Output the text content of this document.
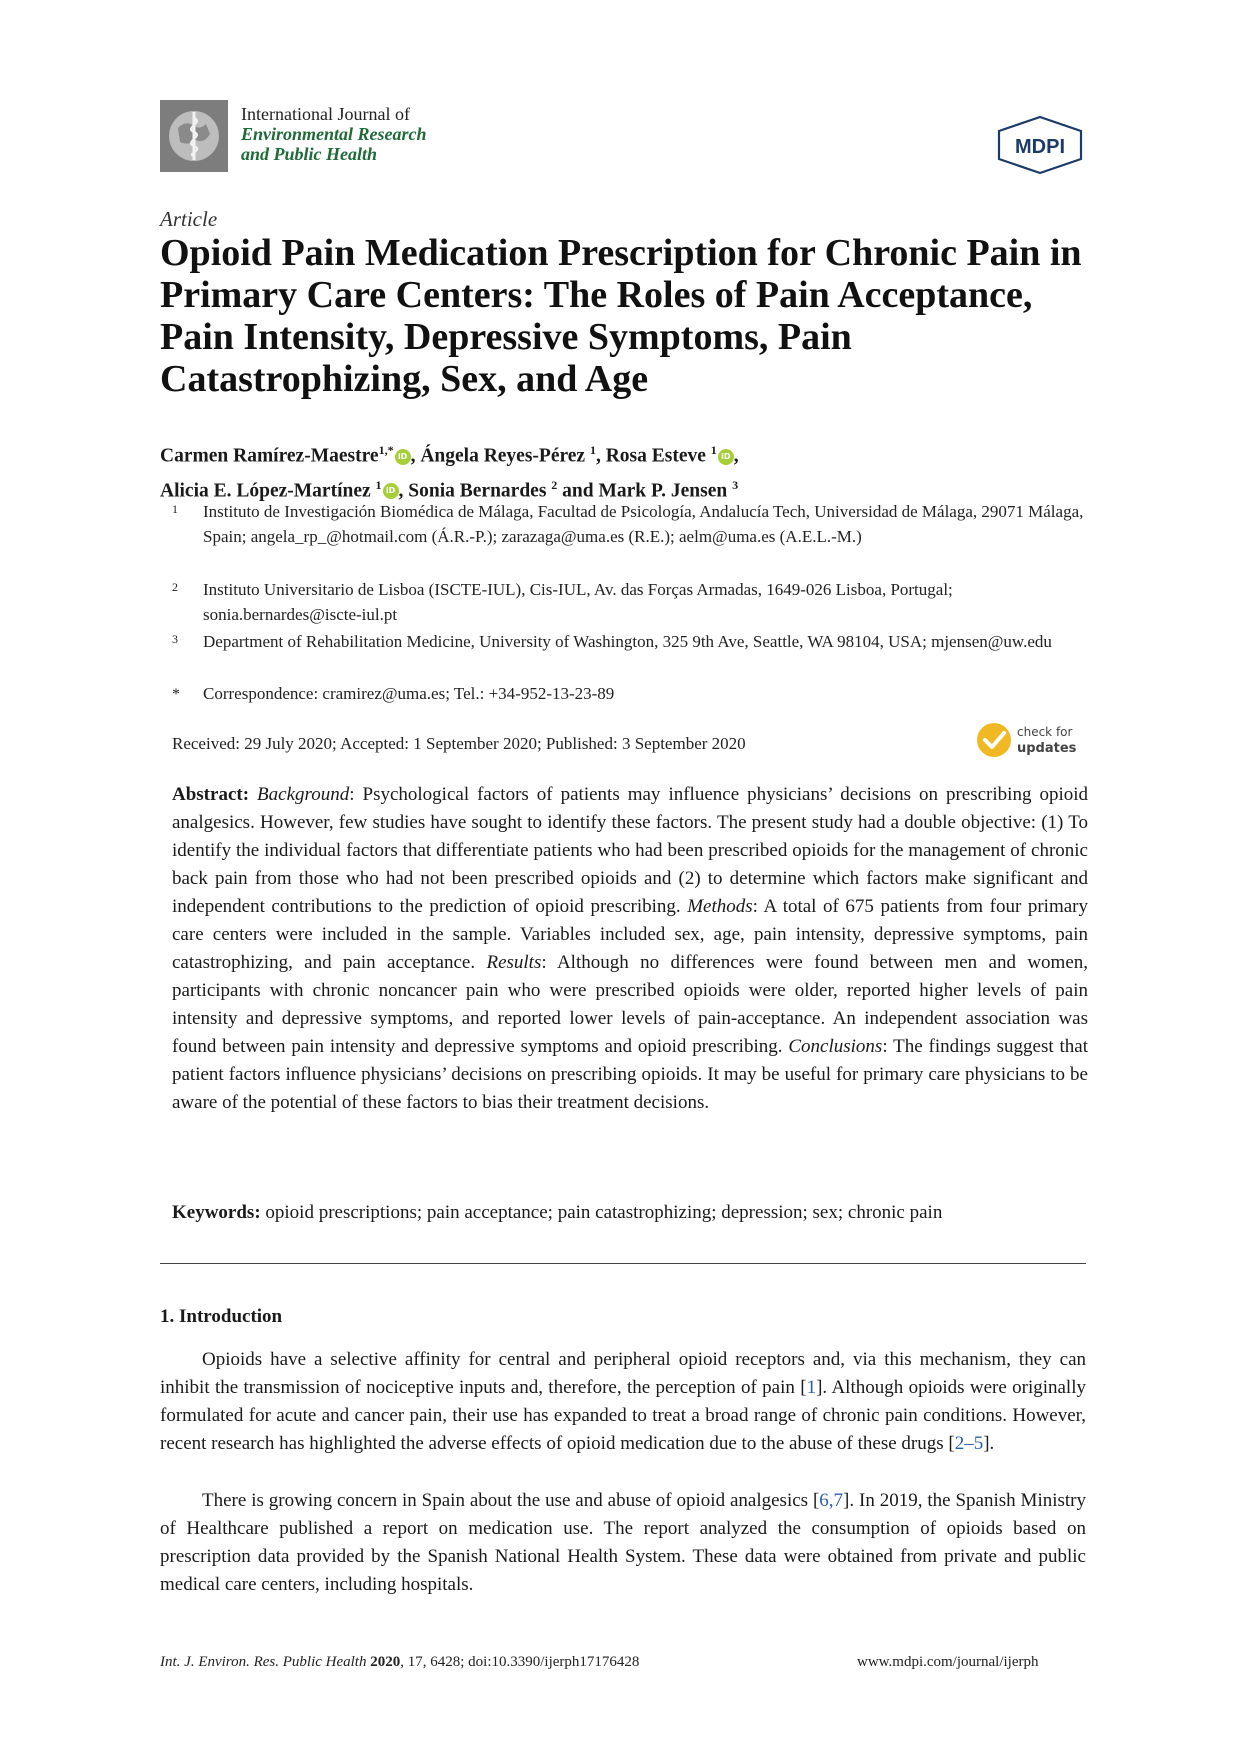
International Journal of
Environmental Research
and Public Health	MDPI
Article
Opioid Pain Medication Prescription for Chronic Pain in Primary Care Centers: The Roles of Pain Acceptance, Pain Intensity, Depressive Symptoms, Pain Catastrophizing, Sex, and Age
Carmen Ramírez-Maestre$^{1,*}$ iD , Ángela Reyes-Pérez $^1$, Rosa Esteve $^1$ iD ,
Alicia E. López-Martínez $^1$ iD , Sonia Bernardes $^2$ and Mark P. Jensen $^3$
1 Instituto de Investigación Biomédica de Málaga, Facultad de Psicología, Andalucía Tech, Universidad de Málaga, 29071 Málaga, Spain; angela_rp_@hotmail.com (Á.R.-P.); zarazaga@uma.es (R.E.); aelm@uma.es (A.E.L.-M.)
2 Instituto Universitario de Lisboa (ISCTE-IUL), Cis-IUL, Av. das Forças Armadas, 1649-026 Lisboa, Portugal; sonia.bernardes@iscte-iul.pt
3 Department of Rehabilitation Medicine, University of Washington, 325 9th Ave, Seattle, WA 98104, USA; mjensen@uw.edu
* Correspondence: cramirez@uma.es; Tel.: +34-952-13-23-89
Received: 29 July 2020; Accepted: 1 September 2020; Published: 3 September 2020
check for
updates
Abstract: Background: Psychological factors of patients may influence physicians’ decisions on prescribing opioid analgesics. However, few studies have sought to identify these factors. The present study had a double objective: (1) To identify the individual factors that differentiate patients who had been prescribed opioids for the management of chronic back pain from those who had not been prescribed opioids and (2) to determine which factors make significant and independent contributions to the prediction of opioid prescribing. Methods: A total of 675 patients from four primary care centers were included in the sample. Variables included sex, age, pain intensity, depressive symptoms, pain catastrophizing, and pain acceptance. Results: Although no differences were found between men and women, participants with chronic noncancer pain who were prescribed opioids were older, reported higher levels of pain intensity and depressive symptoms, and reported lower levels of pain-acceptance. An independent association was found between pain intensity and depressive symptoms and opioid prescribing. Conclusions: The findings suggest that patient factors influence physicians’ decisions on prescribing opioids. It may be useful for primary care physicians to be aware of the potential of these factors to bias their treatment decisions.
Keywords: opioid prescriptions; pain acceptance; pain catastrophizing; depression; sex; chronic pain
1. Introduction
Opioids have a selective affinity for central and peripheral opioid receptors and, via this mechanism, they can inhibit the transmission of nociceptive inputs and, therefore, the perception of pain [1]. Although opioids were originally formulated for acute and cancer pain, their use has expanded to treat a broad range of chronic pain conditions. However, recent research has highlighted the adverse effects of opioid medication due to the abuse of these drugs [2–5].
There is growing concern in Spain about the use and abuse of opioid analgesics [6,7]. In 2019, the Spanish Ministry of Healthcare published a report on medication use. The report analyzed the consumption of opioids based on prescription data provided by the Spanish National Health System. These data were obtained from private and public medical care centers, including hospitals.
Int. J. Environ. Res. Public Health 2020, 17, 6428; doi:10.3390/ijerph17176428	www.mdpi.com/journal/ijerph
